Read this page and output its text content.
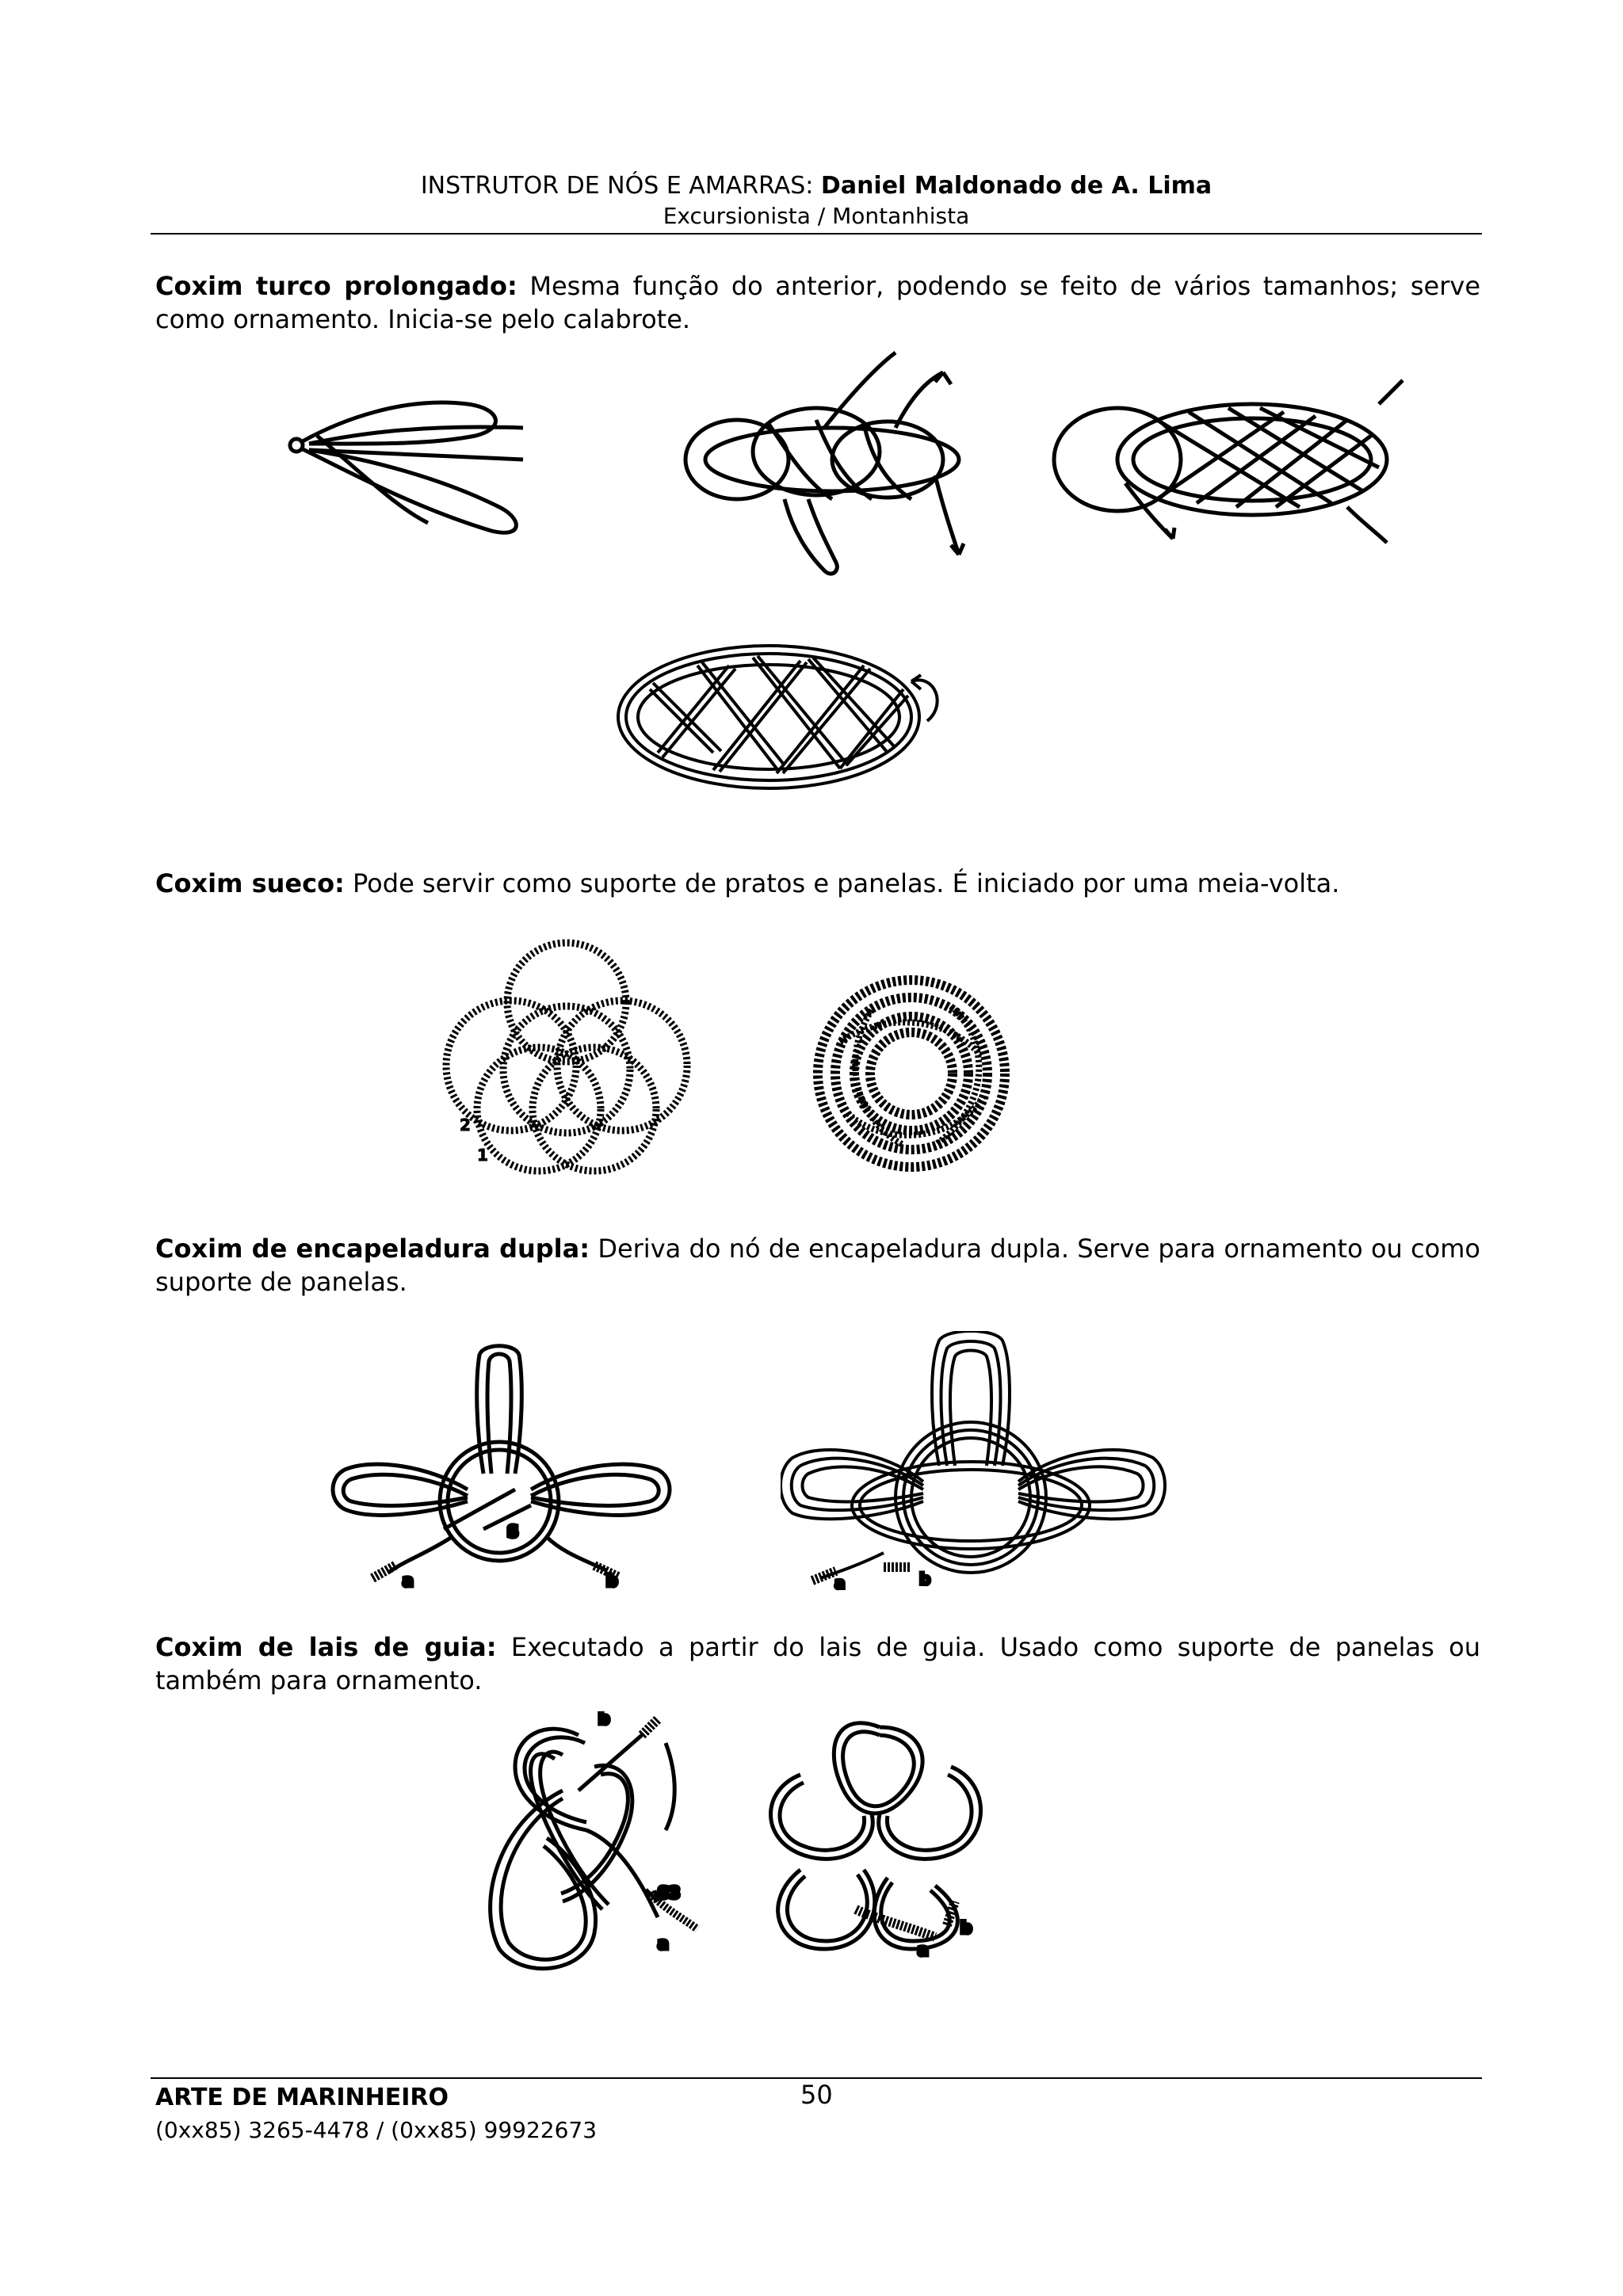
INSTRUTOR DE NÓS E AMARRAS: Daniel Maldonado de A. Lima
Excursionista / Montanhista
Coxim turco prolongado: Mesma função do anterior, podendo se feito de vários tamanhos; serve como ornamento. Inicia-se pelo calabrote.
Coxim sueco: Pode servir como suporte de pratos e panelas. É iniciado por uma meia-volta.
2
1
Coxim de encapeladura dupla: Deriva do nó de encapeladura dupla. Serve para ornamento ou como suporte de panelas.
S
a	b	a	b
Coxim de lais de guia: Executado a partir do lais de guia. Usado como suporte de panelas ou também para ornamento.
b
S3
a	a
b
ARTE DE MARINHEIRO	50
(0xx85) 3265-4478 / (0xx85) 99922673
